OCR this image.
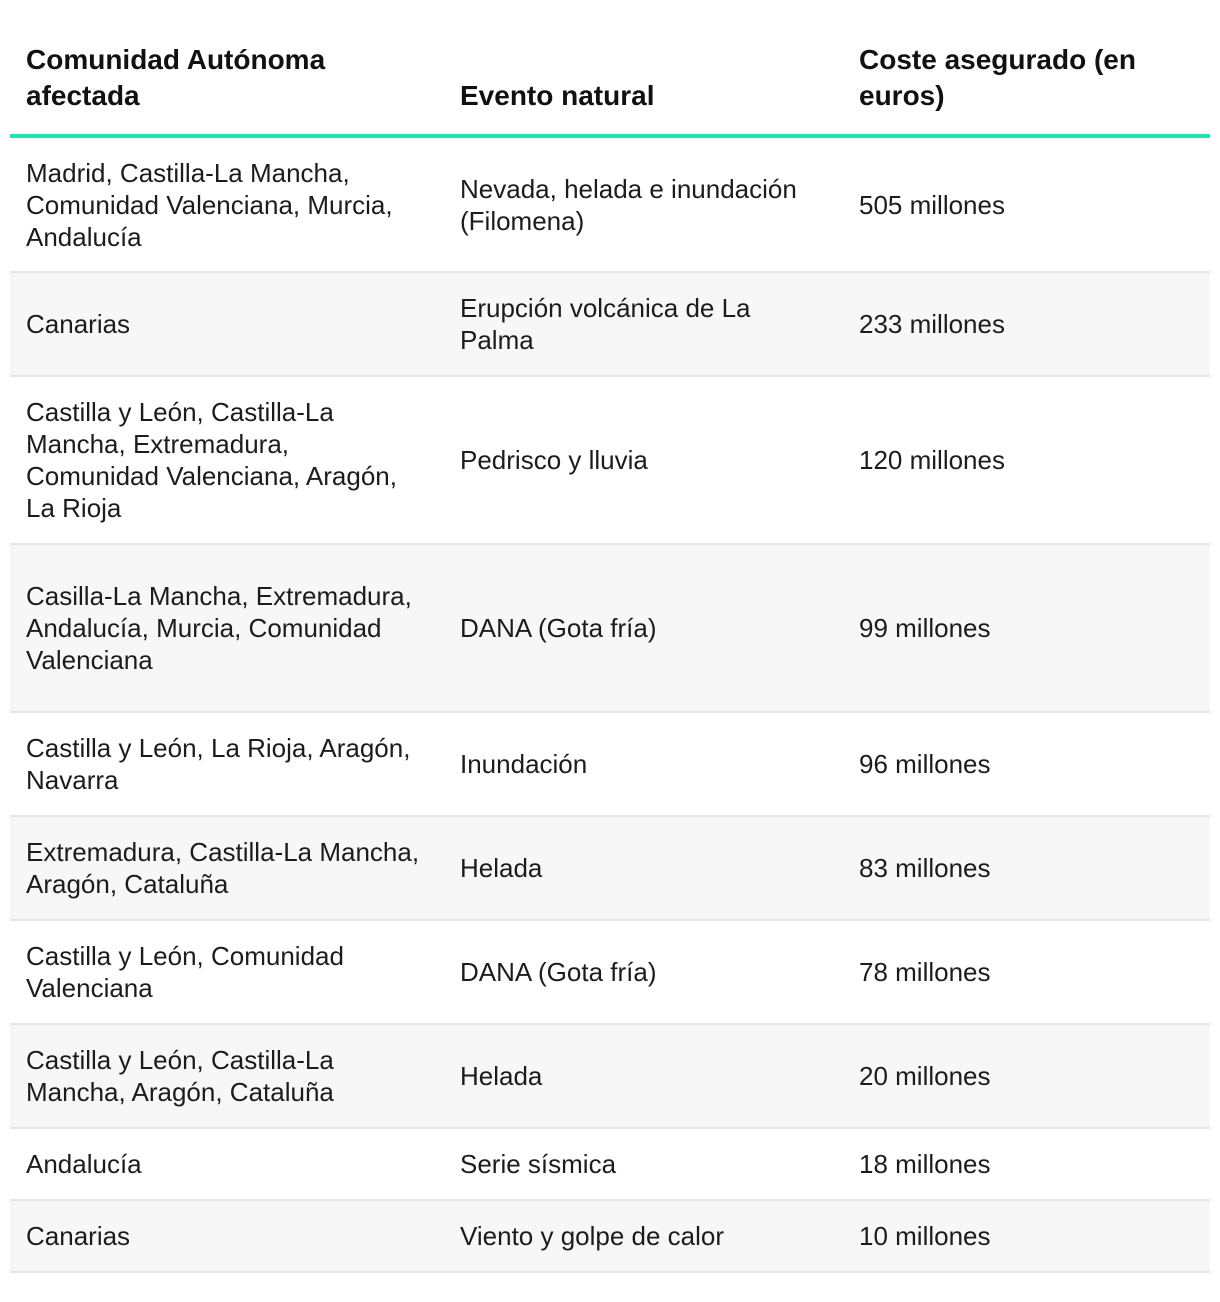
Comunidad Autónoma afectada	Evento natural	Coste asegurado (en euros)
Madrid, Castilla-La Mancha, Comunidad Valenciana, Murcia, Andalucía	Nevada, helada e inundación (Filomena)	505 millones
Canarias	Erupción volcánica de La Palma	233 millones
Castilla y León, Castilla-La Mancha, Extremadura, Comunidad Valenciana, Aragón, La Rioja	Pedrisco y lluvia	120 millones
Casilla-La Mancha, Extremadura, Andalucía, Murcia, Comunidad Valenciana	DANA (Gota fría)	99 millones
Castilla y León, La Rioja, Aragón, Navarra	Inundación	96 millones
Extremadura, Castilla-La Mancha, Aragón, Cataluña	Helada	83 millones
Castilla y León, Comunidad Valenciana	DANA (Gota fría)	78 millones
Castilla y León, Castilla-La Mancha, Aragón, Cataluña	Helada	20 millones
Andalucía	Serie sísmica	18 millones
Canarias	Viento y golpe de calor	10 millones
